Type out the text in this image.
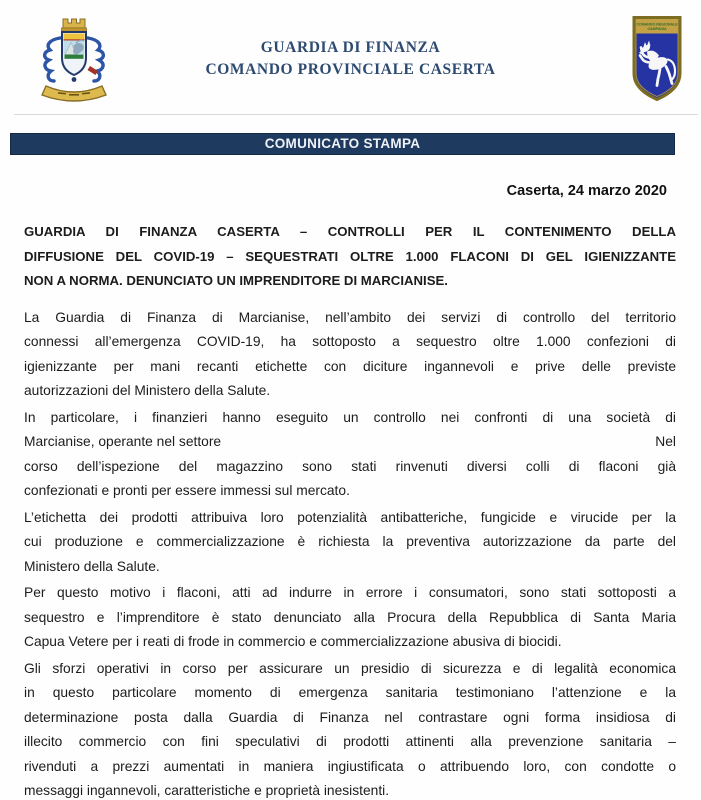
GUARDIA DI FINANZA
COMANDO PROVINCIALE CASERTA
COMANDO REGIONALE
CAMPANIA
COMUNICATO STAMPA
Caserta, 24 marzo 2020

GUARDIA DI FINANZA CASERTA – CONTROLLI PER IL CONTENIMENTO DELLA
DIFFUSIONE DEL COVID-19 – SEQUESTRATI OLTRE 1.000 FLACONI DI GEL IGIENIZZANTE
NON A NORMA. DENUNCIATO UN IMPRENDITORE DI MARCIANISE.

La Guardia di Finanza di Marcianise, nell’ambito dei servizi di controllo del territorio
connessi all’emergenza COVID-19, ha sottoposto a sequestro oltre 1.000 confezioni di
igienizzante per mani recanti etichette con diciture ingannevoli e prive delle previste
autorizzazioni del Ministero della Salute.

In particolare, i finanzieri hanno eseguito un controllo nei confronti di una società di
Marcianise, operante nel settore	Nel
corso dell’ispezione del magazzino sono stati rinvenuti diversi colli di flaconi già
confezionati e pronti per essere immessi sul mercato.

L’etichetta dei prodotti attribuiva loro potenzialità antibatteriche, fungicide e virucide per la
cui produzione e commercializzazione è richiesta la preventiva autorizzazione da parte del
Ministero della Salute.

Per questo motivo i flaconi, atti ad indurre in errore i consumatori, sono stati sottoposti a
sequestro e l’imprenditore è stato denunciato alla Procura della Repubblica di Santa Maria
Capua Vetere per i reati di frode in commercio e commercializzazione abusiva di biocidi.

Gli sforzi operativi in corso per assicurare un presidio di sicurezza e di legalità economica
in questo particolare momento di emergenza sanitaria testimoniano l’attenzione e la
determinazione posta dalla Guardia di Finanza nel contrastare ogni forma insidiosa di
illecito commercio con fini speculativi di prodotti attinenti alla prevenzione sanitaria –
rivenduti a prezzi aumentati in maniera ingiustificata o attribuendo loro, con condotte o
messaggi ingannevoli, caratteristiche e proprietà inesistenti.
